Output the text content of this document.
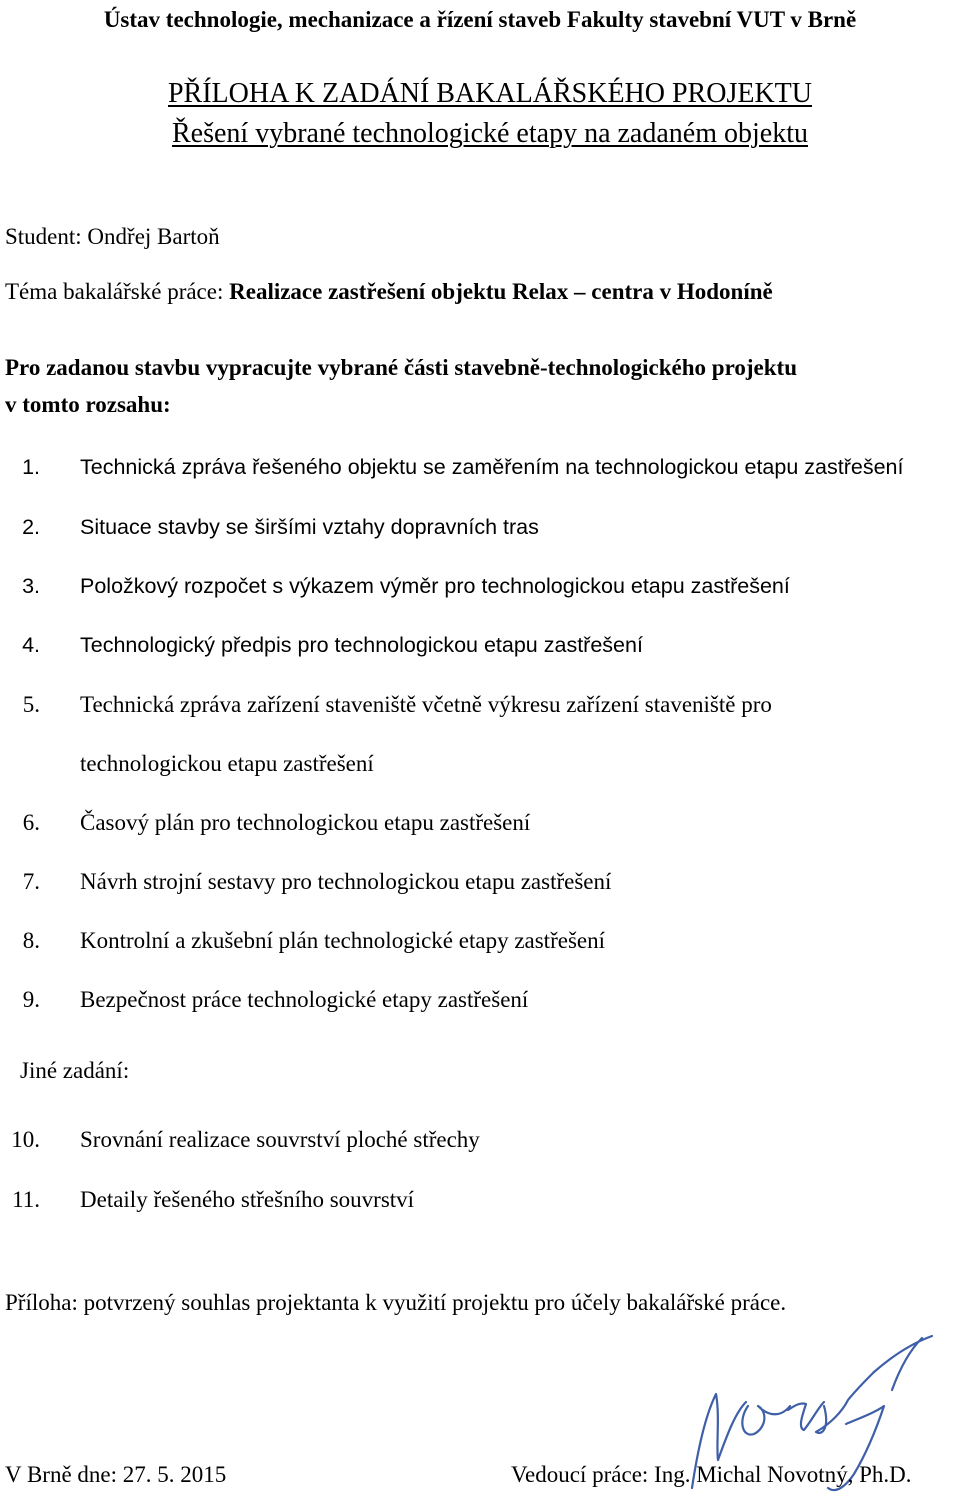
Ústav technologie, mechanizace a řízení staveb Fakulty stavební VUT v Brně
PŘÍLOHA K ZADÁNÍ BAKALÁŘSKÉHO PROJEKTU
Řešení vybrané technologické etapy na zadaném objektu
Student: Ondřej Bartoň
Téma bakalářské práce: Realizace zastřešení objektu Relax – centra v Hodoníně
Pro zadanou stavbu vypracujte vybrané části stavebně-technologického projektu
v tomto rozsahu:
1. Technická zpráva řešeného objektu se zaměřením na technologickou etapu zastřešení
2. Situace stavby se širšími vztahy dopravních tras
3. Položkový rozpočet s výkazem výměr pro technologickou etapu zastřešení
4. Technologický předpis pro technologickou etapu zastřešení
5. Technická zpráva zařízení staveniště včetně výkresu zařízení staveniště pro
technologickou etapu zastřešení
6. Časový plán pro technologickou etapu zastřešení
7. Návrh strojní sestavy pro technologickou etapu zastřešení
8. Kontrolní a zkušební plán technologické etapy zastřešení
9. Bezpečnost práce technologické etapy zastřešení
Jiné zadání:
10. Srovnání realizace souvrství ploché střechy
11. Detaily řešeného střešního souvrství
Příloha: potvrzený souhlas projektanta k využití projektu pro účely bakalářské práce.
V Brně dne: 27. 5. 2015	Vedoucí práce: Ing. Michal Novotný, Ph.D.
